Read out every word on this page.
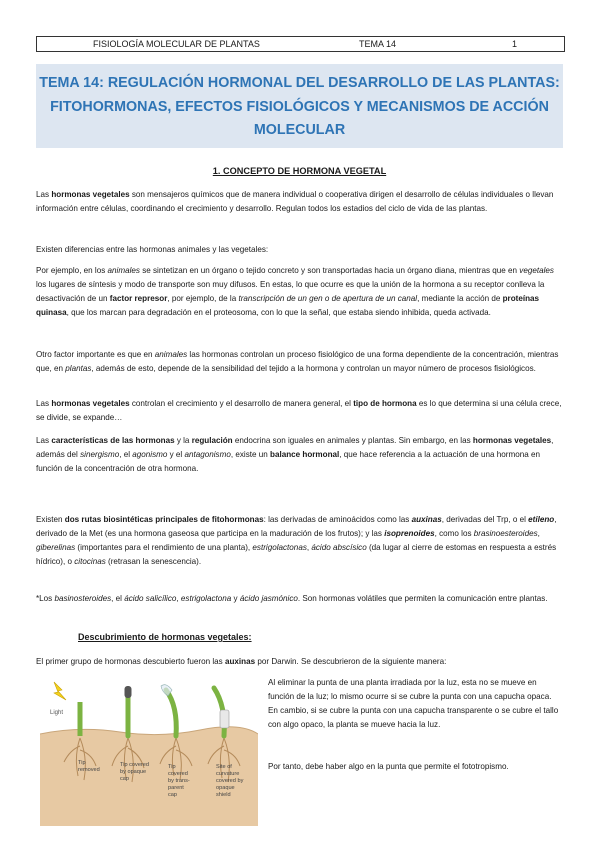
FISIOLOGÍA MOLECULAR DE PLANTAS	TEMA 14	1

TEMA 14: REGULACIÓN HORMONAL DEL DESARROLLO DE LAS PLANTAS: FITOHORMONAS, EFECTOS FISIOLÓGICOS Y MECANISMOS DE ACCIÓN MOLECULAR

1. CONCEPTO DE HORMONA VEGETAL

Las hormonas vegetales son mensajeros químicos que de manera individual o cooperativa dirigen el desarrollo de células individuales o llevan información entre células, coordinando el crecimiento y desarrollo. Regulan todos los estadios del ciclo de vida de las plantas.

Existen diferencias entre las hormonas animales y las vegetales:

Por ejemplo, en los animales se sintetizan en un órgano o tejido concreto y son transportadas hacia un órgano diana, mientras que en vegetales los lugares de síntesis y modo de transporte son muy difusos. En estas, lo que ocurre es que la unión de la hormona a su receptor conlleva la desactivación de un factor represor, por ejemplo, de la transcripción de un gen o de apertura de un canal, mediante la acción de proteínas quinasa, que los marcan para degradación en el proteosoma, con lo que la señal, que estaba siendo inhibida, queda activada.

Otro factor importante es que en animales las hormonas controlan un proceso fisiológico de una forma dependiente de la concentración, mientras que, en plantas, además de esto, depende de la sensibilidad del tejido a la hormona y controlan un mayor número de procesos fisiológicos.

Las hormonas vegetales controlan el crecimiento y el desarrollo de manera general, el tipo de hormona es lo que determina si una célula crece, se divide, se expande…

Las características de las hormonas y la regulación endocrina son iguales en animales y plantas. Sin embargo, en las hormonas vegetales, además del sinergismo, el agonismo y el antagonismo, existe un balance hormonal, que hace referencia a la actuación de una hormona en función de la concentración de otra hormona.

Existen dos rutas biosintéticas principales de fitohormonas: las derivadas de aminoácidos como las auxinas, derivadas del Trp, o el etileno, derivado de la Met (es una hormona gaseosa que participa en la maduración de los frutos); y las isoprenoides, como los brasinoesteroides, giberelinas (importantes para el rendimiento de una planta), estrigolactonas, ácido abscísico (da lugar al cierre de estomas en respuesta a estrés hídrico), o citocinas (retrasan la senescencia).

*Los basinosteroides, el ácido salicílico, estrigolactona y ácido jasmónico. Son hormonas volátiles que permiten la comunicación entre plantas.

Descubrimiento de hormonas vegetales:

El primer grupo de hormonas descubierto fueron las auxinas por Darwin. Se descubrieron de la siguiente manera:

Light
Tip removed
Tip covered by opaque cap
Tip covered by trans-parent cap
Site of curvature covered by opaque shield

Al eliminar la punta de una planta irradiada por la luz, esta no se mueve en función de la luz; lo mismo ocurre si se cubre la punta con una capucha opaca. En cambio, si se cubre la punta con una capucha transparente o se cubre el tallo con algo opaco, la planta se mueve hacia la luz.

Por tanto, debe haber algo en la punta que permite el fototropismo.
